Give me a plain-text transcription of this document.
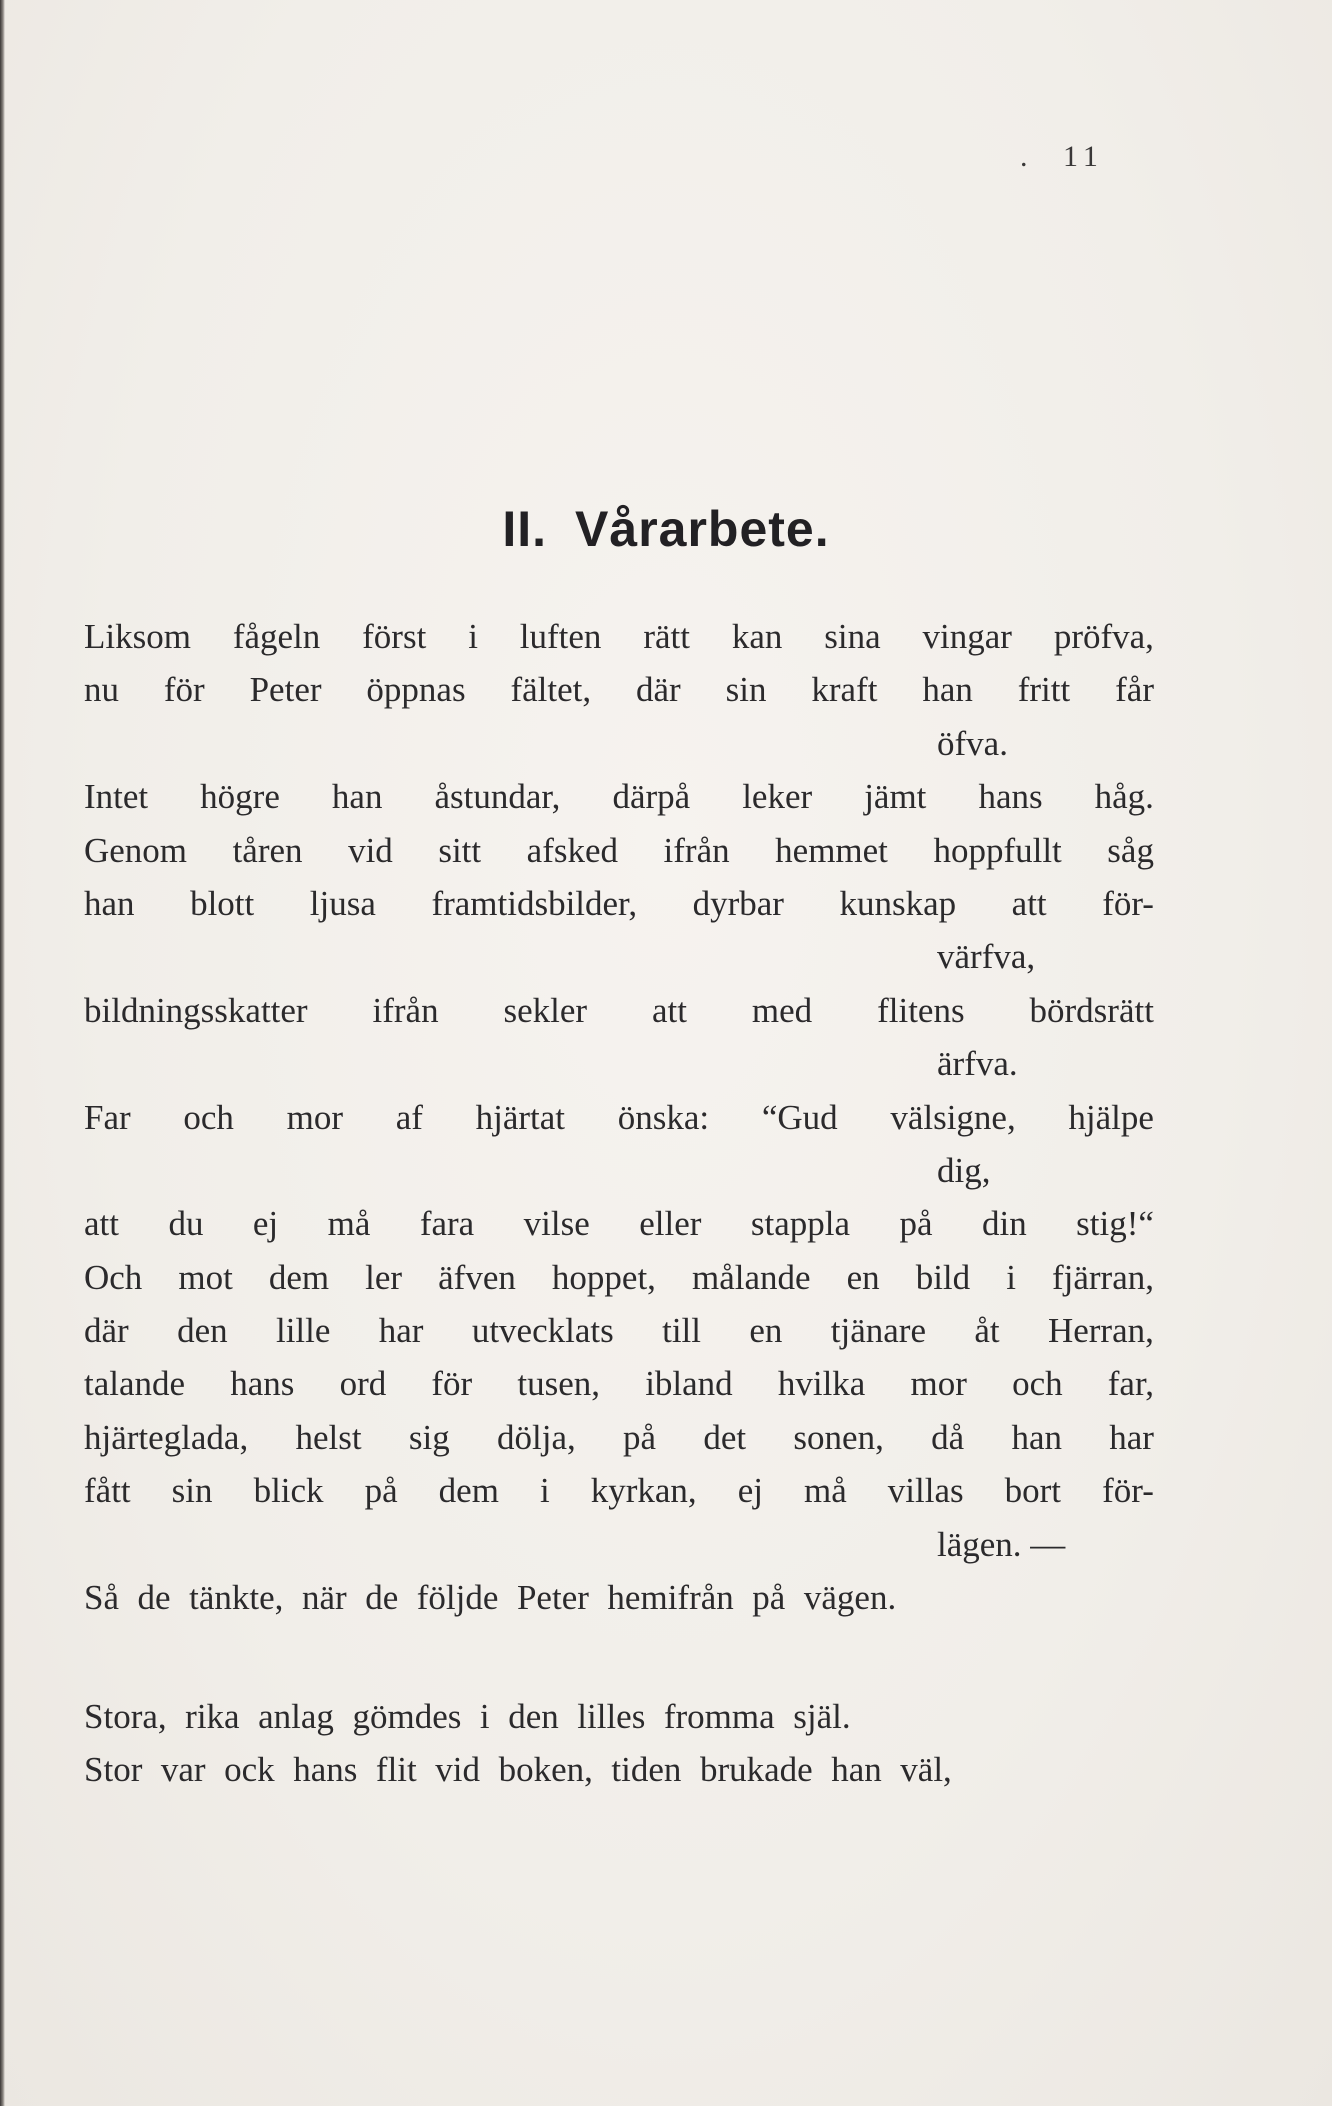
. 11
II. Vårarbete.
Liksom fågeln först i luften rätt kan sina vingar pröfva,
nu för Peter öppnas fältet, där sin kraft han fritt får
öfva.
Intet högre han åstundar, därpå leker jämt hans håg.
Genom tåren vid sitt afsked ifrån hemmet hoppfullt såg
han blott ljusa framtidsbilder, dyrbar kunskap att för-
värfva,
bildningsskatter ifrån sekler att med flitens bördsrätt
ärfva.
Far och mor af hjärtat önska: “Gud välsigne, hjälpe
dig,
att du ej må fara vilse eller stappla på din stig!“
Och mot dem ler äfven hoppet, målande en bild i fjärran,
där den lille har utvecklats till en tjänare åt Herran,
talande hans ord för tusen, ibland hvilka mor och far,
hjärteglada, helst sig dölja, på det sonen, då han har
fått sin blick på dem i kyrkan, ej må villas bort för-
lägen. —
Så de tänkte, när de följde Peter hemifrån på vägen.
Stora, rika anlag gömdes i den lilles fromma själ.
Stor var ock hans flit vid boken, tiden brukade han väl,
